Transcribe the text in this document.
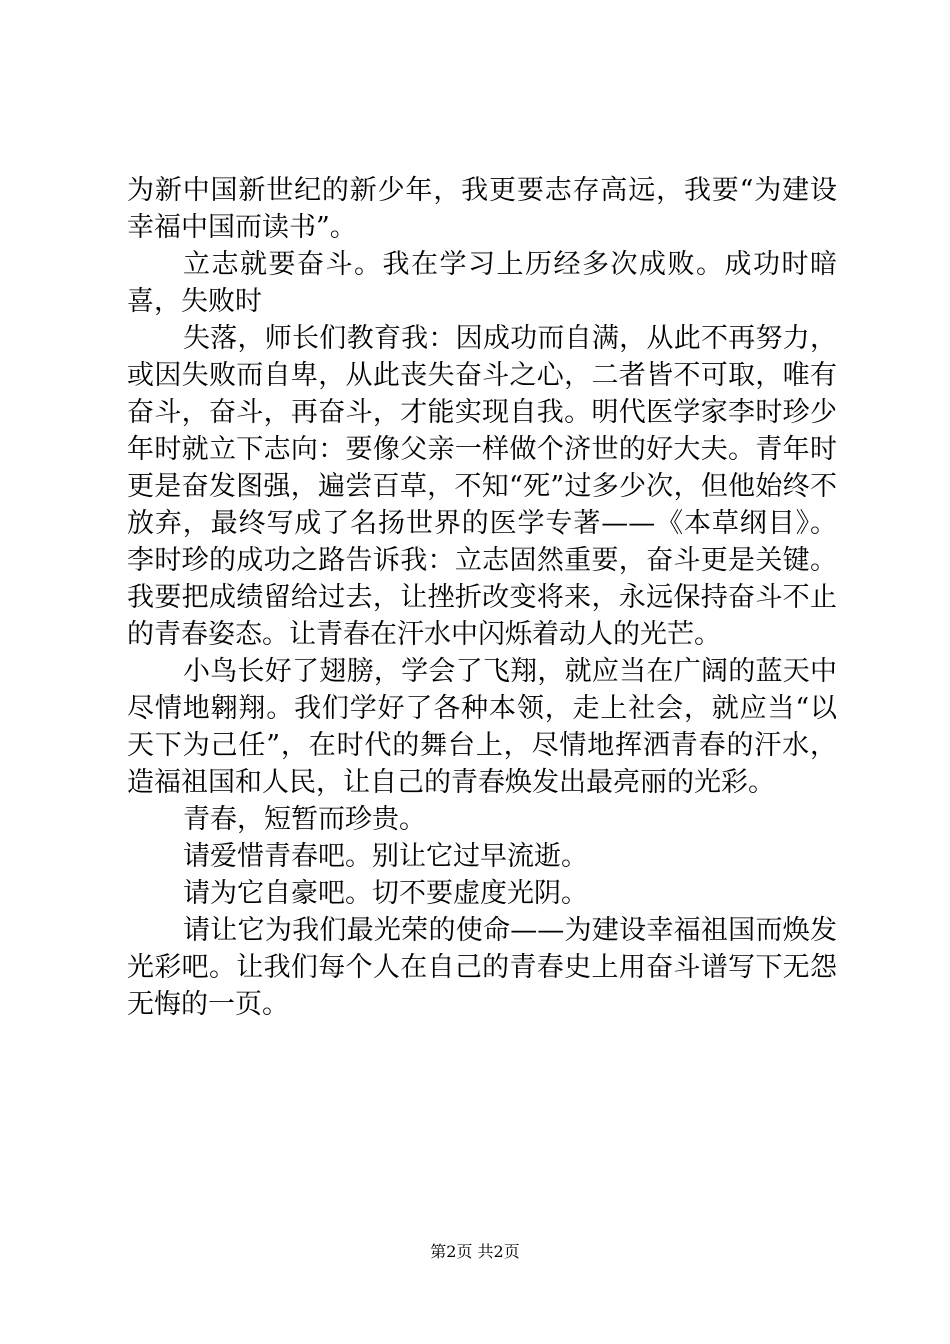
为新中国新世纪的新少年，我更要志存高远，我要“为建设幸福中国而读书”。

立志就要奋斗。我在学习上历经多次成败。成功时暗喜，失败时

失落，师长们教育我：因成功而自满，从此不再努力，或因失败而自卑，从此丧失奋斗之心，二者皆不可取，唯有奋斗，奋斗，再奋斗，才能实现自我。明代医学家李时珍少年时就立下志向：要像父亲一样做个济世的好大夫。青年时更是奋发图强，遍尝百草，不知“死”过多少次，但他始终不放弃，最终写成了名扬世界的医学专著——《本草纲目》。李时珍的成功之路告诉我：立志固然重要，奋斗更是关键。我要把成绩留给过去，让挫折改变将来，永远保持奋斗不止的青春姿态。让青春在汗水中闪烁着动人的光芒。

小鸟长好了翅膀，学会了飞翔，就应当在广阔的蓝天中尽情地翱翔。我们学好了各种本领，走上社会，就应当“以天下为己任”，在时代的舞台上，尽情地挥洒青春的汗水，造福祖国和人民，让自己的青春焕发出最亮丽的光彩。

青春，短暂而珍贵。

请爱惜青春吧。别让它过早流逝。

请为它自豪吧。切不要虚度光阴。

请让它为我们最光荣的使命——为建设幸福祖国而焕发光彩吧。让我们每个人在自己的青春史上用奋斗谱写下无怨无悔的一页。

第2页 共2页
